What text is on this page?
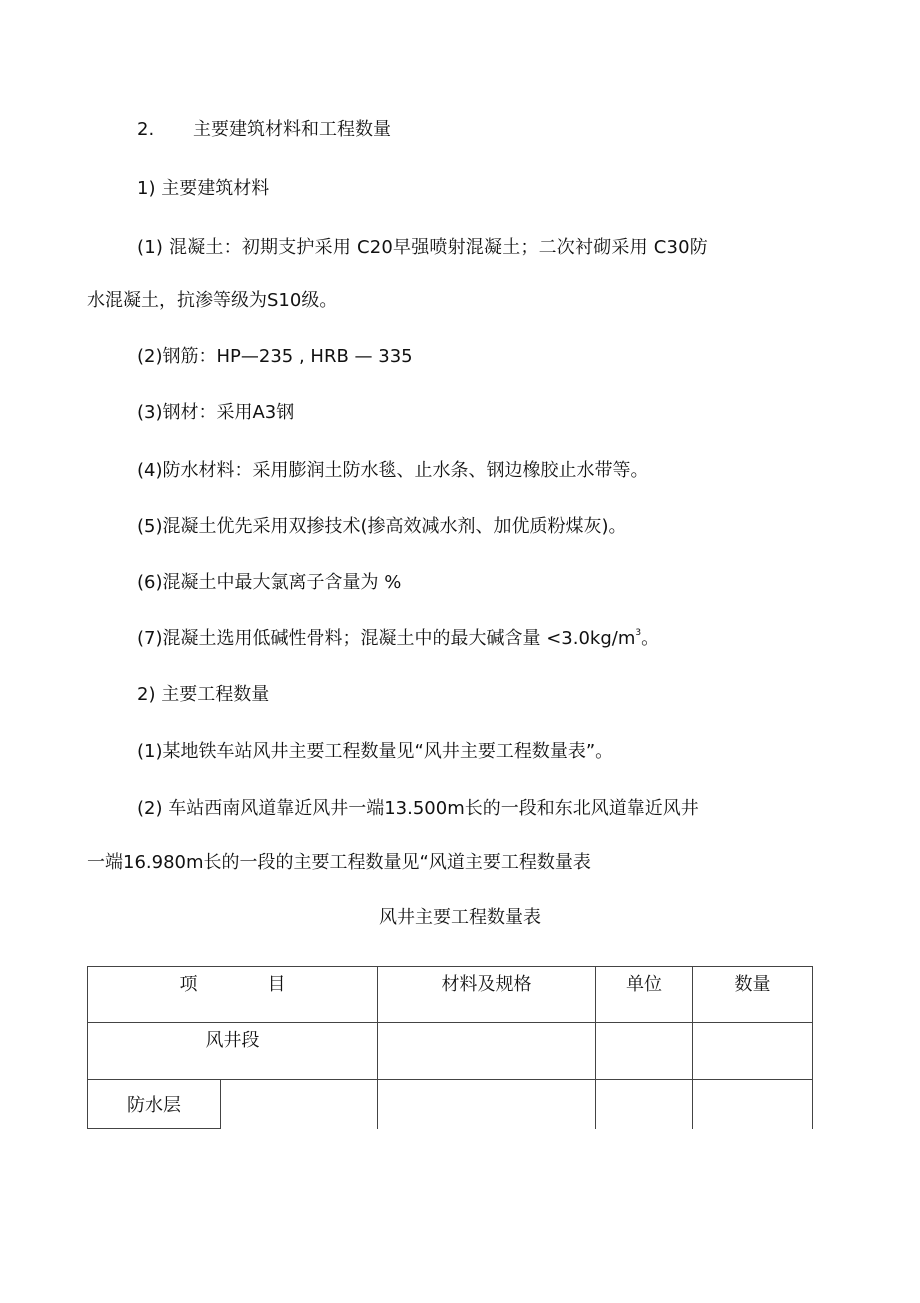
2. 主要建筑材料和工程数量
1) 主要建筑材料
(1) 混凝土：初期支护采用 C20早强喷射混凝土；二次衬砌采用 C30防
水混凝土，抗渗等级为S10级。
(2)钢筋：HP—235 , HRB — 335
(3)钢材：采用A3钢
(4)防水材料：采用膨润土防水毯、止水条、钢边橡胶止水带等。
(5)混凝土优先采用双掺技术(掺高效减水剂、加优质粉煤灰)。
(6)混凝土中最大氯离子含量为 %
(7)混凝土选用低碱性骨料；混凝土中的最大碱含量 $<3.0kg/m^3$。
2) 主要工程数量
(1)某地铁车站风井主要工程数量见“风井主要工程数量表”。
(2) 车站西南风道靠近风井一端13.500m长的一段和东北风道靠近风井
一端16.980m长的一段的主要工程数量见“风道主要工程数量表
风井主要工程数量表
项 目		材料及规格	单位	数量
风井段				
防水层				
